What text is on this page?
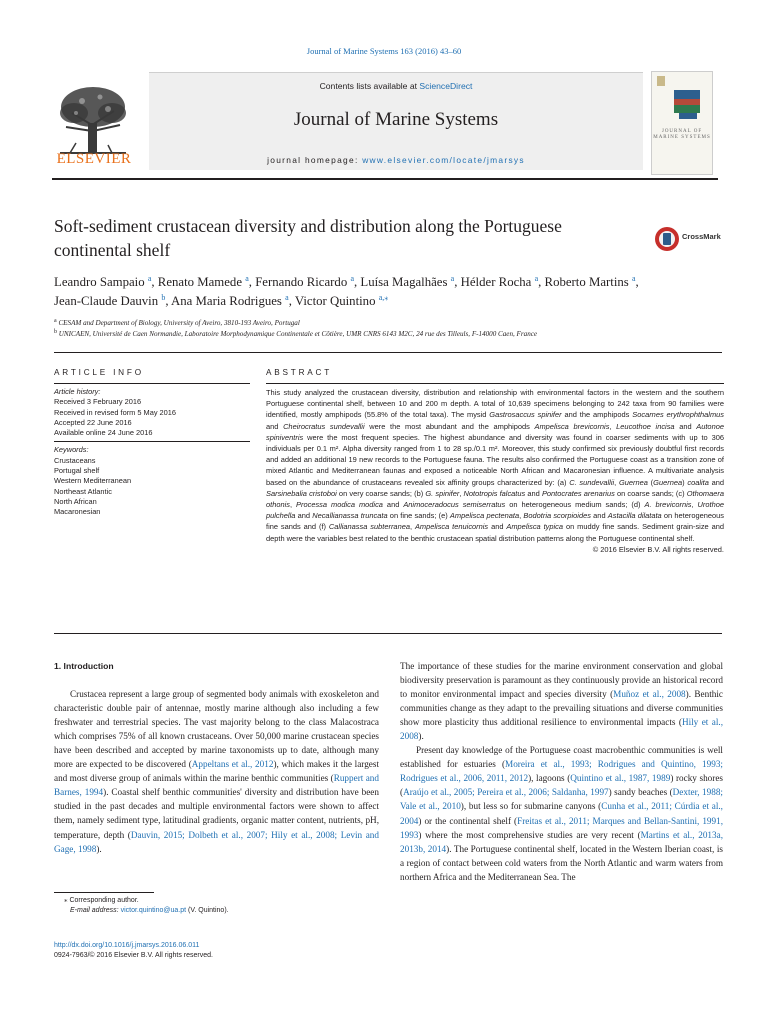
Journal of Marine Systems 163 (2016) 43–60
ELSEVIER
Contents lists available at ScienceDirect
Journal of Marine Systems
journal homepage: www.elsevier.com/locate/jmarsys
JOURNAL OF MARINE SYSTEMS
Soft-sediment crustacean diversity and distribution along the Portuguese continental shelf
CrossMark
Leandro Sampaio $^a$, Renato Mamede $^a$, Fernando Ricardo $^a$, Luísa Magalhães $^a$, Hélder Rocha $^a$, Roberto Martins $^a$,
Jean-Claude Dauvin $^b$, Ana Maria Rodrigues $^a$, Victor Quintino $^{a,⁎}$
$^a$ CESAM and Department of Biology, University of Aveiro, 3810-193 Aveiro, Portugal
$^b$ UNICAEN, Université de Caen Normandie, Laboratoire Morphodynamique Continentale et Côtière, UMR CNRS 6143 M2C, 24 rue des Tilleuls, F-14000 Caen, France
ARTICLE INFO
Article history:
Received 3 February 2016
Received in revised form 5 May 2016
Accepted 22 June 2016
Available online 24 June 2016
Keywords:
Crustaceans
Portugal shelf
Western Mediterranean
Northeast Atlantic
North African
Macaronesian
ABSTRACT

This study analyzed the crustacean diversity, distribution and relationship with environmental factors in the western and the southern Portuguese continental shelf, between 10 and 200 m depth. A total of 10,639 specimens belonging to 242 taxa from 90 families were identified, mostly amphipods (55.8% of the total taxa). The mysid Gastrosaccus spinifer and the amphipods Socarnes erythrophthalmus and Cheirocratus sundevallii were the most abundant and the amphipods Ampelisca brevicornis, Leucothoe incisa and Autonoe spiniventris were the most frequent species. The highest abundance and diversity was found in coarser sediments with up to 306 individuals per 0.1 m². Alpha diversity ranged from 1 to 28 sp./0.1 m². Moreover, this study confirmed six previously doubtful first records and added an additional 19 new records to the Portuguese fauna. The results also confirmed the Portuguese coast as a transition zone of mixed Atlantic and Mediterranean faunas and exposed a noticeable North African and Macaronesian influence. A multivariate analysis based on the abundance of crustaceans revealed six affinity groups characterized by: (a) C. sundevallii, Guernea (Guernea) coalita and Sarsinebalia cristoboi on very coarse sands; (b) G. spinifer, Nototropis falcatus and Pontocrates arenarius on coarse sands; (c) Othomaera othonis, Processa modica modica and Animoceradocus semiserratus on heterogeneous medium sands; (d) A. brevicornis, Urothoe pulchella and Necallianassa truncata on fine sands; (e) Ampelisca pectenata, Bodotria scorpioides and Astacilla dilatata on heterogeneous fine sands and (f) Callianassa subterranea, Ampelisca tenuicornis and Ampelisca typica on muddy fine sands. Sediment grain-size and depth were the variables best related to the benthic crustacean spatial distribution patterns along the Portuguese continental shelf.

© 2016 Elsevier B.V. All rights reserved.
1. Introduction

Crustacea represent a large group of segmented body animals with exoskeleton and characteristic double pair of antennae, mostly marine although also including a few freshwater and terrestrial species. The vast majority belong to the class Malacostraca which comprises 75% of all known crustaceans. Over 50,000 marine crustacean species have been described and accepted by marine taxonomists up to date, although many more are expected to be discovered (Appeltans et al., 2012), which makes it the largest and most diverse group of animals within the marine benthic communities (Ruppert and Barnes, 1994). Coastal shelf benthic communities' diversity and distribution have been studied in the past decades and multiple environmental factors were shown to affect them, namely sediment type, latitudinal gradients, organic matter content, nutrients, pH, temperature, depth (Dauvin, 2015; Dolbeth et al., 2007; Hily et al., 2008; Levin and Gage, 1998).

The importance of these studies for the marine environment conservation and global biodiversity preservation is paramount as they continuously provide an historical record to monitor environmental impact and species diversity (Muñoz et al., 2008). Benthic communities change as they adapt to the prevailing situations and diverse communities show more plasticity thus additional resilience to environmental impacts (Hily et al., 2008).

Present day knowledge of the Portuguese coast macrobenthic communities is well established for estuaries (Moreira et al., 1993; Rodrigues and Quintino, 1993; Rodrigues et al., 2006, 2011, 2012), lagoons (Quintino et al., 1987, 1989) rocky shores (Araújo et al., 2005; Pereira et al., 2006; Saldanha, 1997) sandy beaches (Dexter, 1988; Vale et al., 2010), but less so for submarine canyons (Cunha et al., 2011; Cúrdia et al., 2004) or the continental shelf (Freitas et al., 2011; Marques and Bellan-Santini, 1991, 1993) where the most comprehensive studies are very recent (Martins et al., 2013a, 2013b, 2014). The Portuguese continental shelf, located in the Western Iberian coast, is a region of contact between cold waters from the North Atlantic and warm waters from northern Africa and the Mediterranean Sea. The

⁎ Corresponding author.
E-mail address: victor.quintino@ua.pt (V. Quintino).
http://dx.doi.org/10.1016/j.jmarsys.2016.06.011
0924-7963/© 2016 Elsevier B.V. All rights reserved.
